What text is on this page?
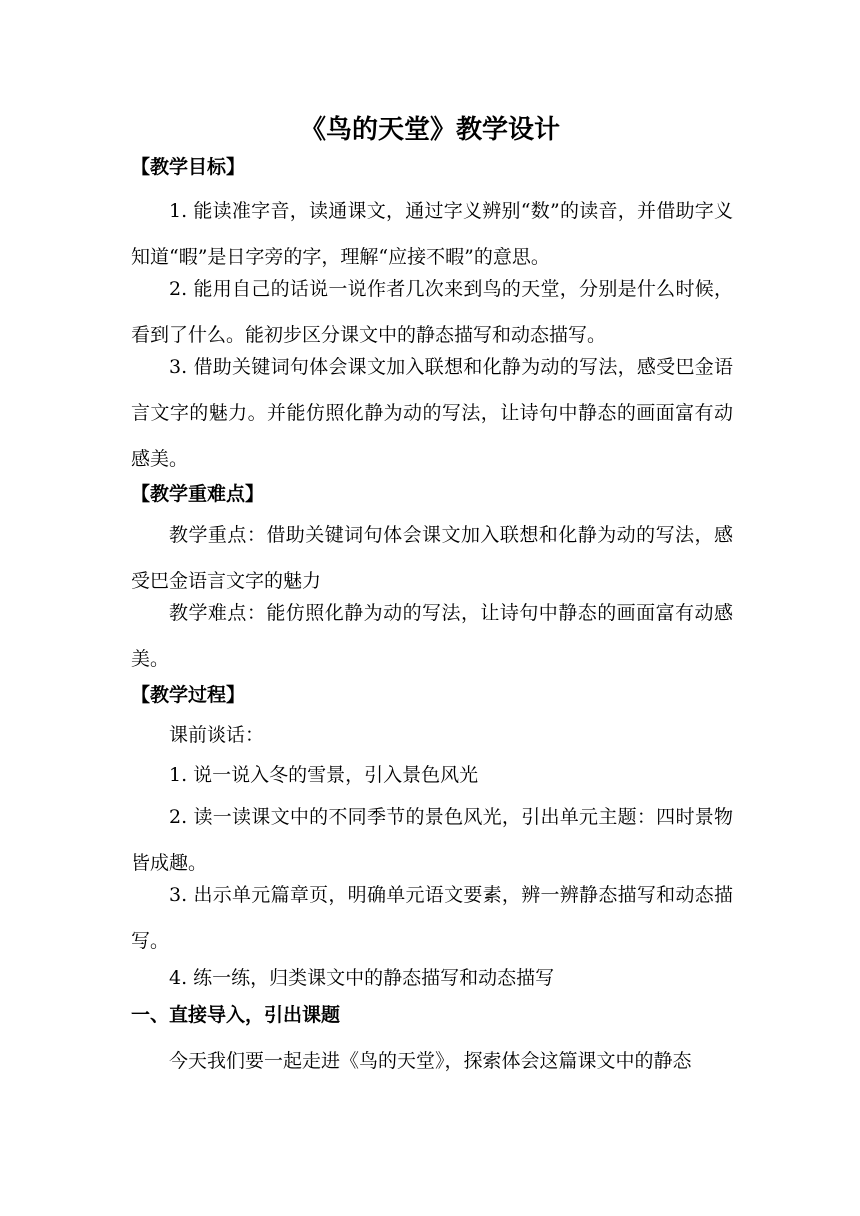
《鸟的天堂》教学设计
【教学目标】
1. 能读准字音，读通课文，通过字义辨别“数”的读音，并借助字义知道“暇”是日字旁的字，理解“应接不暇”的意思。
2. 能用自己的话说一说作者几次来到鸟的天堂，分别是什么时候，看到了什么。能初步区分课文中的静态描写和动态描写。
3. 借助关键词句体会课文加入联想和化静为动的写法，感受巴金语言文字的魅力。并能仿照化静为动的写法，让诗句中静态的画面富有动感美。
【教学重难点】
教学重点：借助关键词句体会课文加入联想和化静为动的写法，感受巴金语言文字的魅力
教学难点：能仿照化静为动的写法，让诗句中静态的画面富有动感美。
【教学过程】
课前谈话：
1. 说一说入冬的雪景，引入景色风光
2. 读一读课文中的不同季节的景色风光，引出单元主题：四时景物皆成趣。
3. 出示单元篇章页，明确单元语文要素，辨一辨静态描写和动态描写。
4. 练一练，归类课文中的静态描写和动态描写
一、直接导入，引出课题
今天我们要一起走进《鸟的天堂》，探索体会这篇课文中的静态
